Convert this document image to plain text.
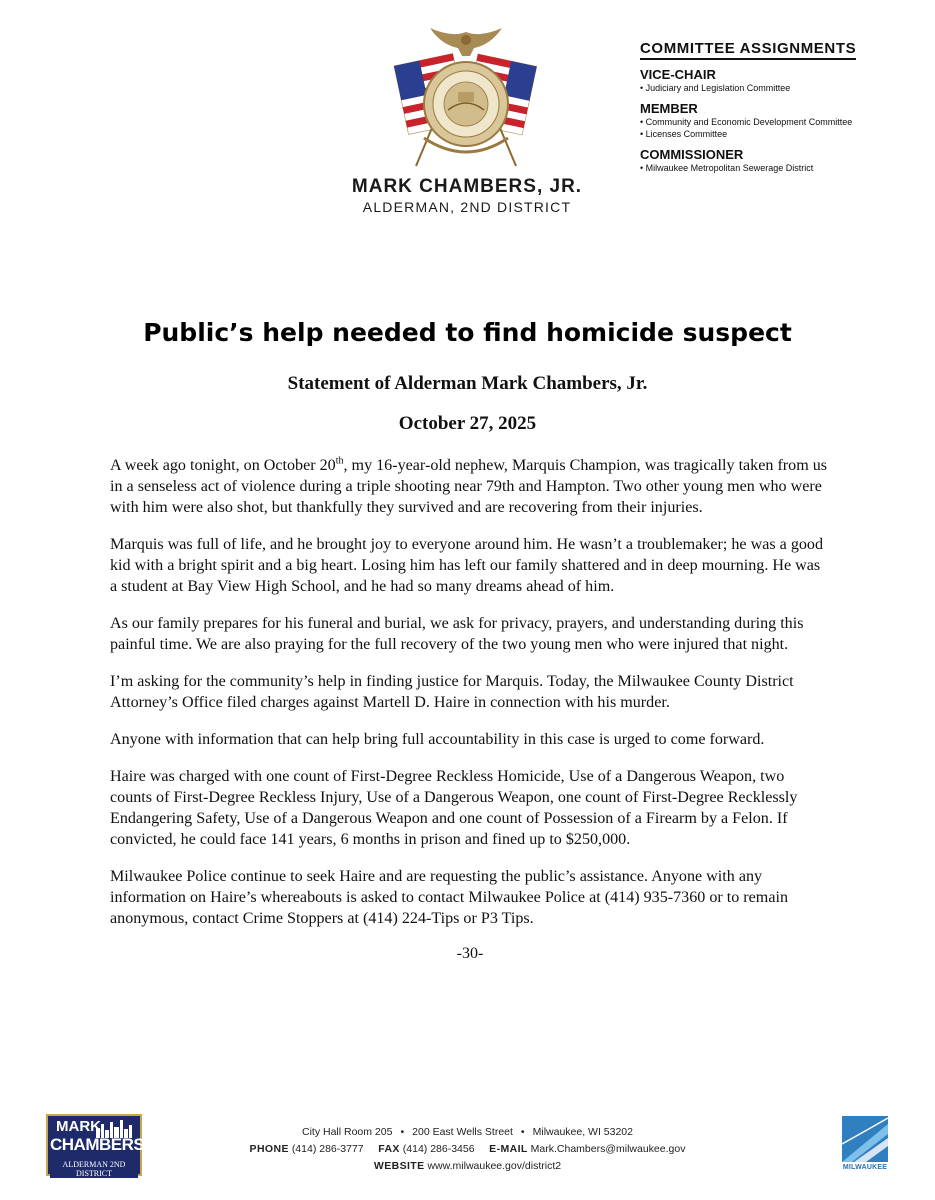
MARK CHAMBERS, JR.
ALDERMAN, 2ND DISTRICT
COMMITTEE ASSIGNMENTS
VICE-CHAIR
• Judiciary and Legislation Committee
MEMBER
• Community and Economic Development Committee
• Licenses Committee
COMMISSIONER
• Milwaukee Metropolitan Sewerage District
Public’s help needed to find homicide suspect
Statement of Alderman Mark Chambers, Jr.
October 27, 2025

A week ago tonight, on October 20th, my 16-year-old nephew, Marquis Champion, was tragically taken from us in a senseless act of violence during a triple shooting near 79th and Hampton. Two other young men who were with him were also shot, but thankfully they survived and are recovering from their injuries.

Marquis was full of life, and he brought joy to everyone around him. He wasn’t a troublemaker; he was a good kid with a bright spirit and a big heart. Losing him has left our family shattered and in deep mourning. He was a student at Bay View High School, and he had so many dreams ahead of him.

As our family prepares for his funeral and burial, we ask for privacy, prayers, and understanding during this painful time. We are also praying for the full recovery of the two young men who were injured that night.

I’m asking for the community’s help in finding justice for Marquis. Today, the Milwaukee County District Attorney’s Office filed charges against Martell D. Haire in connection with his murder.

Anyone with information that can help bring full accountability in this case is urged to come forward.

Haire was charged with one count of First-Degree Reckless Homicide, Use of a Dangerous Weapon, two counts of First-Degree Reckless Injury, Use of a Dangerous Weapon, one count of First-Degree Recklessly Endangering Safety, Use of a Dangerous Weapon and one count of Possession of a Firearm by a Felon. If convicted, he could face 141 years, 6 months in prison and fined up to $250,000.

Milwaukee Police continue to seek Haire and are requesting the public’s assistance. Anyone with any information on Haire’s whereabouts is asked to contact Milwaukee Police at (414) 935-7360 or to remain anonymous, contact Crime Stoppers at (414) 224-Tips or P3 Tips.

-30-
MARK
CHAMBERS
ALDERMAN 2ND DISTRICT
City Hall Room 205 • 200 East Wells Street • Milwaukee, WI 53202
PHONE (414) 286-3777 FAX (414) 286-3456 E-MAIL Mark.Chambers@milwaukee.gov
WEBSITE www.milwaukee.gov/district2	MILWAUKEE
